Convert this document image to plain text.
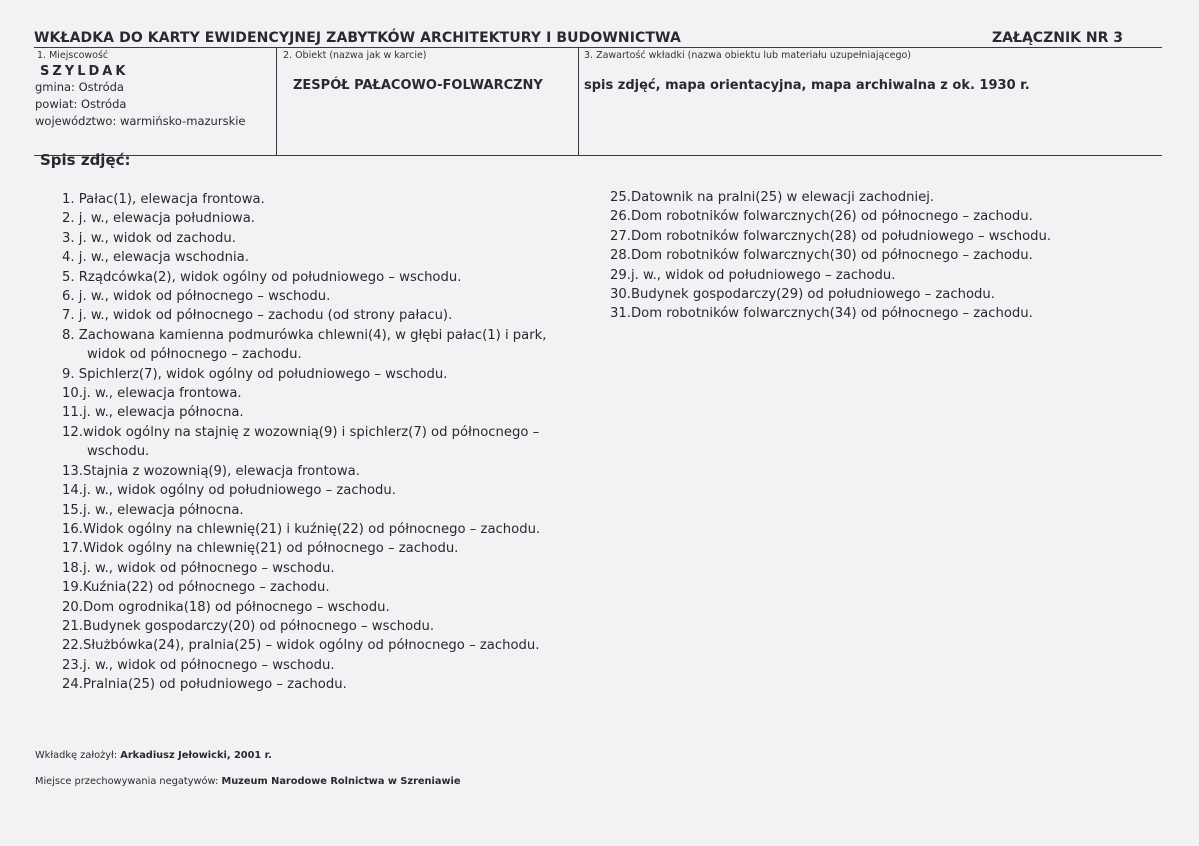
WKŁADKA DO KARTY EWIDENCYJNEJ ZABYTKÓW ARCHITEKTURY I BUDOWNICTWA	ZAŁĄCZNIK NR 3
1. Miejscowość
SZYLDAK
gmina: Ostróda
powiat: Ostróda
województwo: warmińsko-mazurskie
2. Obiekt (nazwa jak w karcie)
ZESPÓŁ PAŁACOWO-FOLWARCZNY
3. Zawartość wkładki (nazwa obiektu lub materiału uzupełniającego)
spis zdjęć, mapa orientacyjna, mapa archiwalna z ok. 1930 r.
Spis zdjęć:
1. Pałac(1), elewacja frontowa.
2. j. w., elewacja południowa.
3. j. w., widok od zachodu.
4. j. w., elewacja wschodnia.
5. Rządcówka(2), widok ogólny od południowego – wschodu.
6. j. w., widok od północnego – wschodu.
7. j. w., widok od północnego – zachodu (od strony pałacu).
8. Zachowana kamienna podmurówka chlewni(4), w głębi pałac(1) i park, widok od północnego – zachodu.
9. Spichlerz(7), widok ogólny od południowego – wschodu.
10.j. w., elewacja frontowa.
11.j. w., elewacja północna.
12.widok ogólny na stajnię z wozownią(9) i spichlerz(7) od północnego – wschodu.
13.Stajnia z wozownią(9), elewacja frontowa.
14.j. w., widok ogólny od południowego – zachodu.
15.j. w., elewacja północna.
16.Widok ogólny na chlewnię(21) i kuźnię(22) od północnego – zachodu.
17.Widok ogólny na chlewnię(21) od północnego – zachodu.
18.j. w., widok od północnego – wschodu.
19.Kuźnia(22) od północnego – zachodu.
20.Dom ogrodnika(18) od północnego – wschodu.
21.Budynek gospodarczy(20) od północnego – wschodu.
22.Służbówka(24), pralnia(25) – widok ogólny od północnego – zachodu.
23.j. w., widok od północnego – wschodu.
24.Pralnia(25) od południowego – zachodu.
25.Datownik na pralni(25) w elewacji zachodniej.
26.Dom robotników folwarcznych(26) od północnego – zachodu.
27.Dom robotników folwarcznych(28) od południowego – wschodu.
28.Dom robotników folwarcznych(30) od północnego – zachodu.
29.j. w., widok od południowego – zachodu.
30.Budynek gospodarczy(29) od południowego – zachodu.
31.Dom robotników folwarcznych(34) od północnego – zachodu.
Wkładkę założył: Arkadiusz Jełowicki, 2001 r.
Miejsce przechowywania negatywów: Muzeum Narodowe Rolnictwa w Szreniawie
